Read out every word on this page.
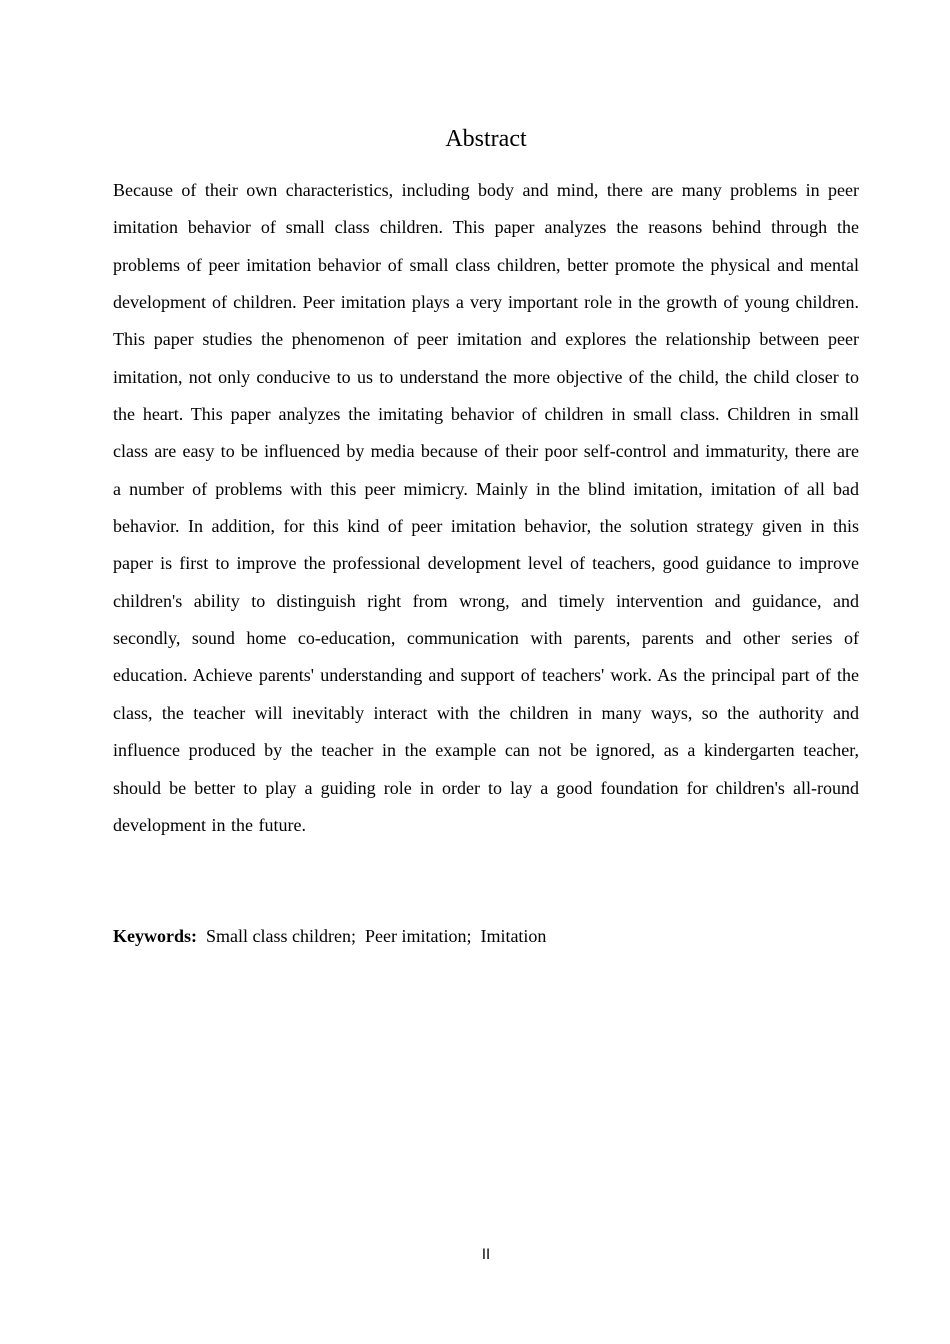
Abstract

Because of their own characteristics, including body and mind, there are many problems in peer imitation behavior of small class children. This paper analyzes the reasons behind through the problems of peer imitation behavior of small class children, better promote the physical and mental development of children. Peer imitation plays a very important role in the growth of young children. This paper studies the phenomenon of peer imitation and explores the relationship between peer imitation, not only conducive to us to understand the more objective of the child, the child closer to the heart. This paper analyzes the imitating behavior of children in small class. Children in small class are easy to be influenced by media because of their poor self-control and immaturity, there are a number of problems with this peer mimicry. Mainly in the blind imitation, imitation of all bad behavior. In addition, for this kind of peer imitation behavior, the solution strategy given in this paper is first to improve the professional development level of teachers, good guidance to improve children's ability to distinguish right from wrong, and timely intervention and guidance, and secondly, sound home co-education, communication with parents, parents and other series of education. Achieve parents' understanding and support of teachers' work. As the principal part of the class, the teacher will inevitably interact with the children in many ways, so the authority and influence produced by the teacher in the example can not be ignored, as a kindergarten teacher, should be better to play a guiding role in order to lay a good foundation for children's all-round development in the future.

Keywords:  Small class children;  Peer imitation;  Imitation

II
